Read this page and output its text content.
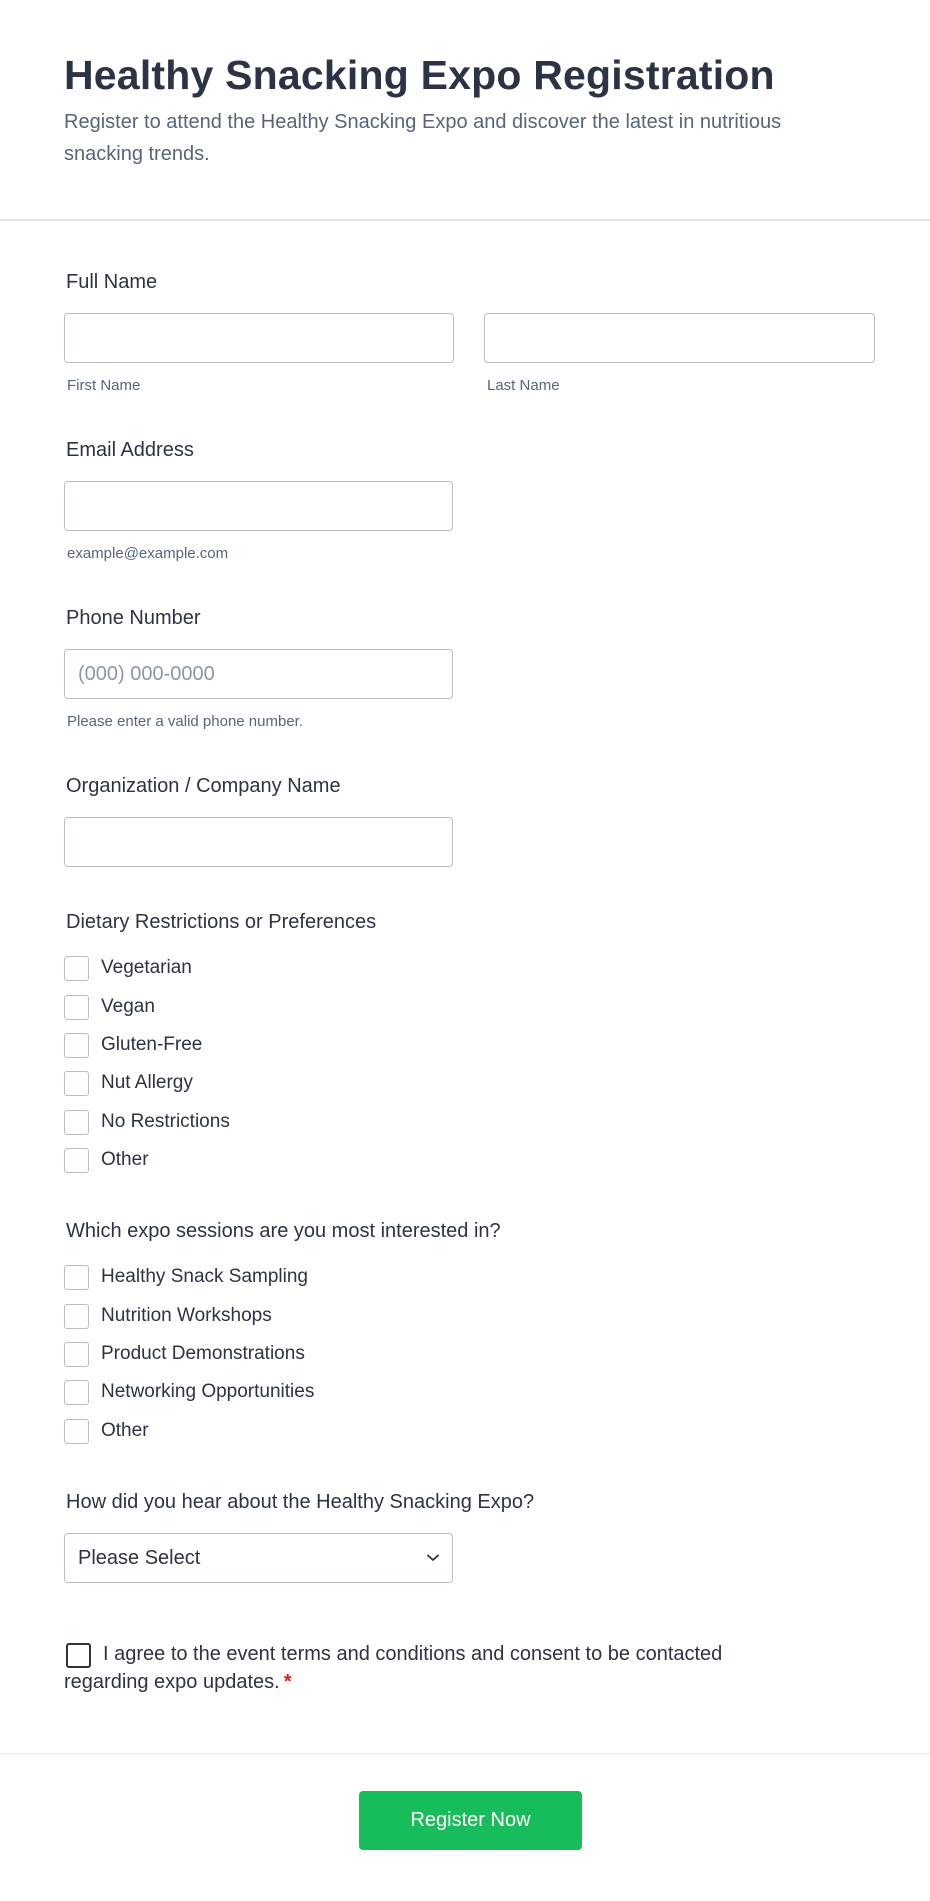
Healthy Snacking Expo Registration

Register to attend the Healthy Snacking Expo and discover the latest in nutritious snacking trends.

Full Name
First Name	Last Name
Email Address
example@example.com
Phone Number
(000) 000-0000
Please enter a valid phone number.
Organization / Company Name
Dietary Restrictions or Preferences
Vegetarian
Vegan
Gluten-Free
Nut Allergy
No Restrictions
Other
Which expo sessions are you most interested in?
Healthy Snack Sampling
Nutrition Workshops
Product Demonstrations
Networking Opportunities
Other
How did you hear about the Healthy Snacking Expo?
Please Select
I agree to the event terms and conditions and consent to be contacted regarding expo updates. *
Register Now
